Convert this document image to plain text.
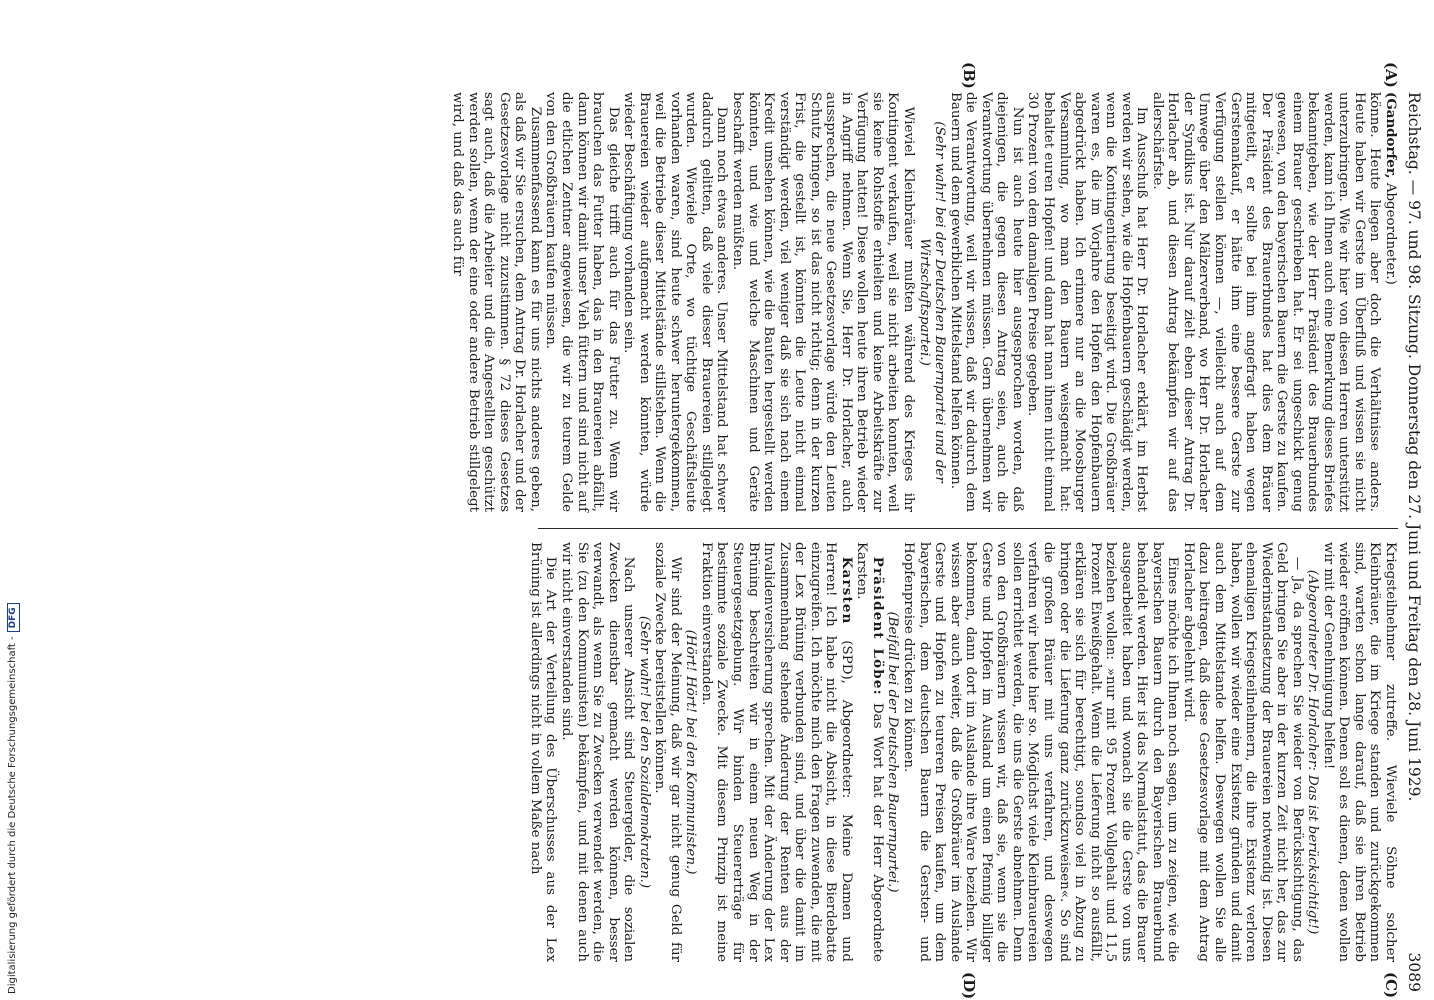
Reichstag. — 97. und 98. Sitzung. Donnerstag den 27. Juni und Freitag den 28. Juni 1929.
3089
(A)
(B)
(C)
(D)

(Gandorfer, Abgeordneter.)

könne. Heute liegen aber doch die Verhältnisse anders. Heute haben wir Gerste im Überfluß und wissen sie nicht unterzubringen. Wie wir hier von diesen Herren unterstützt werden, kann ich Ihnen auch eine Bemerkung dieses Briefes bekanntgeben, wie der Herr Präsident des Brauerbundes einem Brauer geschrieben hat. Er sei ungeschickt genug gewesen, von den bayerischen Bauern die Gerste zu kaufen. Der Präsident des Brauerbundes hat dies dem Bräuer mitgeteilt, er sollte bei ihm angefragt haben wegen Gerstenankauf, er hätte ihm eine bessere Gerste zur Verfügung stellen können —, vielleicht auch auf dem Umwege über den Mälzerverband, wo Herr Dr. Horlacher der Syndikus ist. Nur darauf zielt eben dieser Antrag Dr. Horlacher ab, und diesen Antrag bekämpfen wir auf das allerschärfste.

Im Ausschuß hat Herr Dr. Horlacher erklärt, im Herbst werden wir sehen, wie die Hopfenbauern geschädigt werden, wenn die Kontingentierung beseitigt wird. Die Großbräuer waren es, die im Vorjahre den Hopfen den Hopfenbauern abgedrückt haben. Ich erinnere nur an die Moosburger Versammlung, wo man den Bauern weisgemacht hat: behaltet euren Hopfen! und dann hat man ihnen nicht einmal 30 Prozent von dem damaligen Preise gegeben.

Nun ist auch heute hier ausgesprochen worden, daß diejenigen, die gegen diesen Antrag seien, auch die Verantwortung übernehmen müssen. Gern übernehmen wir die Verantwortung, weil wir wissen, daß wir dadurch dem Bauern und dem gewerblichen Mittelstand helfen können.

(Sehr wahr! bei der Deutschen Bauernpartei und der Wirtschaftspartei.)

Wieviel Kleinbräuer mußten während des Krieges ihr Kontingent verkaufen, weil sie nicht arbeiten konnten, weil sie keine Rohstoffe erhielten und keine Arbeitskräfte zur Verfügung hatten! Diese wollen heute ihren Betrieb wieder in Angriff nehmen. Wenn Sie, Herr Dr. Horlacher, auch aussprechen, die neue Gesetzesvorlage würde den Leuten Schutz bringen, so ist das nicht richtig; denn in der kurzen Frist, die gestellt ist, könnten die Leute nicht einmal verständigt werden, viel weniger daß sie sich nach einem Kredit umsehen können, wie die Bauten hergestellt werden könnten, und wie und welche Maschinen und Geräte beschafft werden müßten.

Dann noch etwas anderes. Unser Mittelstand hat schwer dadurch gelitten, daß viele dieser Brauereien stillgelegt wurden. Wieviele Orte, wo tüchtige Geschäftsleute vorhanden waren, sind heute schwer heruntergekommen, weil die Betriebe dieser Mittelstände stillstehen. Wenn die Brauereien wieder aufgemacht werden könnten, würde wieder Beschäftigung vorhanden sein.

Das gleiche trifft auch für das Futter zu. Wenn wir brauchen das Futter haben, das in den Brauereien abfällt, dann können wir damit unser Vieh füttern und sind nicht auf die etlichen Zentner angewiesen, die wir zu teurem Gelde von den Großbräuern kaufen müssen.

Zusammenfassend kann es für uns nichts anderes geben, als daß wir Sie ersuchen, dem Antrag Dr. Horlacher und der Gesetzesvorlage nicht zuzustimmen. § 72 dieses Gesetzes sagt auch, daß die Arbeiter und die Angestellten geschützt werden sollen, wenn der eine oder andere Betrieb stillgelegt wird, und daß das auch für

Kriegsteilnehmer zutreffe. Wieviele Söhne solcher Kleinbräuer, die im Kriege standen und zurückgekommen sind, warten schon lange darauf, daß sie ihren Betrieb wieder eröffnen können. Denen soll es dienen, denen wollen wir mit der Genehmigung helfen!

(Abgeordneter Dr. Horlacher: Das ist berücksichtigt!)

— Ja, da sprechen Sie wieder von Berücksichtigung, das Geld bringen Sie aber in der kurzen Zeit nicht her, das zur Wiederinstandsetzung der Brauereien notwendig ist. Diesen ehemaligen Kriegsteilnehmern, die ihre Existenz verloren haben, wollen wir wieder eine Existenz gründen und damit auch dem Mittelstande helfen. Deswegen wollen Sie alle dazu beitragen, daß diese Gesetzesvorlage mit dem Antrag Horlacher abgelehnt wird.

Eines möchte ich Ihnen noch sagen, um zu zeigen, wie die bayerischen Bauern durch den Bayerischen Brauerbund behandelt werden. Hier ist das Normalstatut, das die Brauer ausgearbeitet haben und wonach sie die Gerste von uns beziehen wollen: »nur mit 95 Prozent Vollgehalt und 11,5 Prozent Eiweißgehalt. Wenn die Lieferung nicht so ausfällt, erklären sie sich für berechtigt, soundso viel in Abzug zu bringen oder die Lieferung ganz zurückzuweisen«. So sind die großen Bräuer mit uns verfahren, und deswegen verfahren wir heute hier so. Möglichst viele Kleinbrauereien sollen errichtet werden, die uns die Gerste abnehmen. Denn von den Großbräuern wissen wir, daß sie, wenn sie die Gerste und Hopfen im Ausland um einen Pfennig billiger bekommen, dann dort im Auslande ihre Ware beziehen. Wir wissen aber auch weiter, daß die Großbräuer im Auslande Gerste und Hopfen zu teureren Preisen kaufen, um dem bayerischen, dem deutschen Bauern die Gersten- und Hopfenpreise drücken zu können.

(Beifall bei der Deutschen Bauernpartei.)

Präsident Löbe: Das Wort hat der Herr Abgeordnete Karsten.

Karsten (SPD), Abgeordneter: Meine Damen und Herren! Ich habe nicht die Absicht, in diese Bierdebatte einzugreifen. Ich möchte mich den Fragen zuwenden, die mit der Lex Brüning verbunden sind, und über die damit im Zusammenhang stehende Änderung der Renten aus der Invalidenversicherung sprechen. Mit der Änderung der Lex Brüning beschreiten wir in einem neuen Weg in der Steuergesetzgebung. Wir binden Steuererträge für bestimmte soziale Zwecke. Mit diesem Prinzip ist meine Fraktion einverstanden.

(Hört! Hört! bei den Kommunisten.)

Wir sind der Meinung, daß wir gar nicht genug Geld für soziale Zwecke bereitstellen können.

(Sehr wahr! bei den Sozialdemokraten.)

Nach unserer Ansicht sind Steuergelder, die sozialen Zwecken dienstbar gemacht werden können, besser verwandt, als wenn Sie zu Zwecken verwendet werden, die Sie (zu den Kommunisten) bekämpfen, und mit denen auch wir nicht einverstanden sind.

Die Art der Verteilung des Überschusses aus der Lex Brüning ist allerdings nicht in vollem Maße nach

Digitalisierung gefördert durch die Deutsche Forschungsgemeinschaft -DFG
